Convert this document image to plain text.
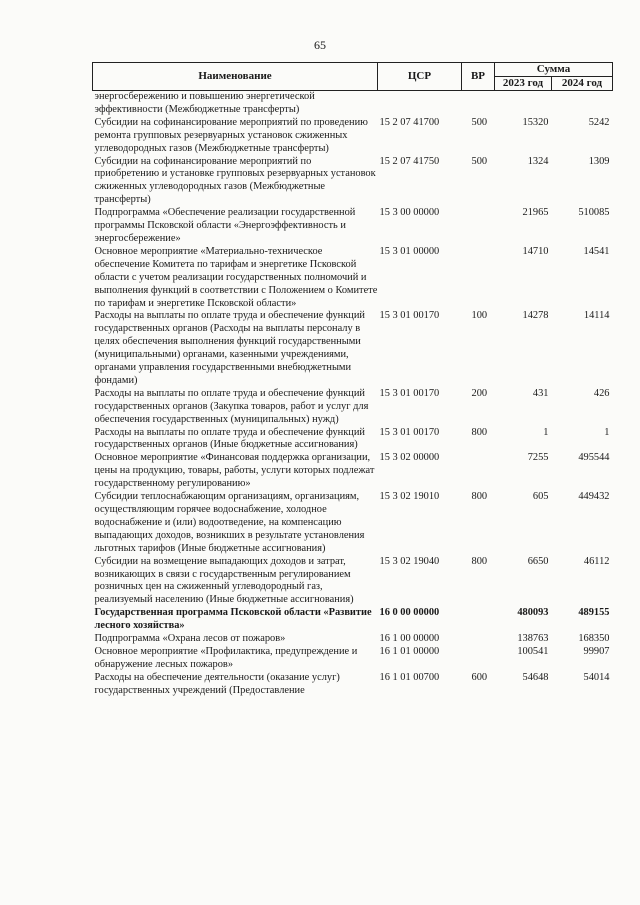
65
Наименование	ЦСР	ВР	Сумма	
			2023 год	2024 год
энергосбережению и повышению энергетической эффективности (Межбюджетные трансферты)				
Субсидии на софинансирование мероприятий по проведению ремонта групповых резервуарных установок сжиженных углеводородных газов (Межбюджетные трансферты)	15 2 07 41700	500	15320	5242
Субсидии на софинансирование мероприятий по приобретению и установке групповых резервуарных установок сжиженных углеводородных газов (Межбюджетные трансферты)	15 2 07 41750	500	1324	1309
Подпрограмма «Обеспечение реализации государственной программы Псковской области «Энергоэффективность и энергосбережение»	15 3 00 00000		21965	510085
Основное мероприятие «Материально-техническое обеспечение Комитета по тарифам и энергетике Псковской области с учетом реализации государственных полномочий и выполнения функций в соответствии с Положением о Комитете по тарифам и энергетике Псковской области»	15 3 01 00000		14710	14541
Расходы на выплаты по оплате труда и обеспечение функций государственных органов (Расходы на выплаты персоналу в целях обеспечения выполнения функций государственными (муниципальными) органами, казенными учреждениями, органами управления государственными внебюджетными фондами)	15 3 01 00170	100	14278	14114
Расходы на выплаты по оплате труда и обеспечение функций государственных органов (Закупка товаров, работ и услуг для обеспечения государственных (муниципальных) нужд)	15 3 01 00170	200	431	426
Расходы на выплаты по оплате труда и обеспечение функций государственных органов (Иные бюджетные ассигнования)	15 3 01 00170	800	1	1
Основное мероприятие «Финансовая поддержка организации, цены на продукцию, товары, работы, услуги которых подлежат государственному регулированию»	15 3 02 00000		7255	495544
Субсидии теплоснабжающим организациям, организациям, осуществляющим горячее водоснабжение, холодное водоснабжение и (или) водоотведение, на компенсацию выпадающих доходов, возникших в результате установления льготных тарифов (Иные бюджетные ассигнования)	15 3 02 19010	800	605	449432
Субсидии на возмещение выпадающих доходов и затрат, возникающих в связи с государственным регулированием розничных цен на сжиженный углеводородный газ, реализуемый населению (Иные бюджетные ассигнования)	15 3 02 19040	800	6650	46112
Государственная программа Псковской области «Развитие лесного хозяйства»	16 0 00 00000		480093	489155
Подпрограмма «Охрана лесов от пожаров»	16 1 00 00000		138763	168350
Основное мероприятие «Профилактика, предупреждение и обнаружение лесных пожаров»	16 1 01 00000		100541	99907
Расходы на обеспечение деятельности (оказание услуг) государственных учреждений (Предоставление	16 1 01 00700	600	54648	54014
